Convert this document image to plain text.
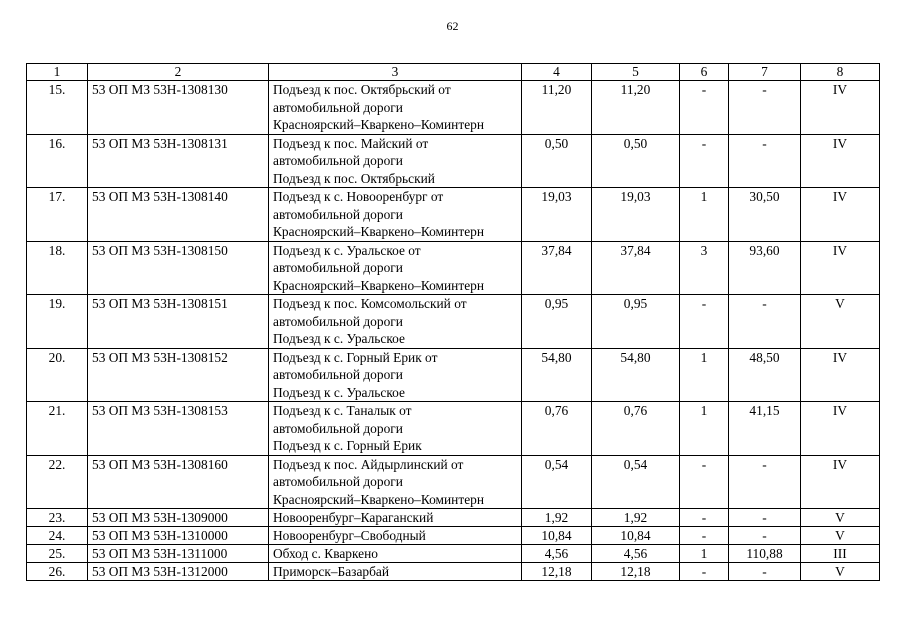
62
1	2	3	4	5	6	7	8
15.	53 ОП МЗ 53Н-1308130	Подъезд к пос. Октябрьский от
автомобильной дороги
Красноярский–Кваркено–Коминтерн	11,20	11,20	-	-	IV
16.	53 ОП МЗ 53Н-1308131	Подъезд к пос. Майский от
автомобильной дороги
Подъезд к пос. Октябрьский	0,50	0,50	-	-	IV
17.	53 ОП МЗ 53Н-1308140	Подъезд к с. Новооренбург от
автомобильной дороги
Красноярский–Кваркено–Коминтерн	19,03	19,03	1	30,50	IV
18.	53 ОП МЗ 53Н-1308150	Подъезд к с. Уральское от
автомобильной дороги
Красноярский–Кваркено–Коминтерн	37,84	37,84	3	93,60	IV
19.	53 ОП МЗ 53Н-1308151	Подъезд к пос. Комсомольский от
автомобильной дороги
Подъезд к с. Уральское	0,95	0,95	-	-	V
20.	53 ОП МЗ 53Н-1308152	Подъезд к с. Горный Ерик от
автомобильной дороги
Подъезд к с. Уральское	54,80	54,80	1	48,50	IV
21.	53 ОП МЗ 53Н-1308153	Подъезд к с. Таналык от
автомобильной дороги
Подъезд к с. Горный Ерик	0,76	0,76	1	41,15	IV
22.	53 ОП МЗ 53Н-1308160	Подъезд к пос. Айдырлинский от
автомобильной дороги
Красноярский–Кваркено–Коминтерн	0,54	0,54	-	-	IV
23.	53 ОП МЗ 53Н-1309000	Новооренбург–Караганский	1,92	1,92	-	-	V
24.	53 ОП МЗ 53Н-1310000	Новооренбург–Свободный	10,84	10,84	-	-	V
25.	53 ОП МЗ 53Н-1311000	Обход с. Кваркено	4,56	4,56	1	110,88	III
26.	53 ОП МЗ 53Н-1312000	Приморск–Базарбай	12,18	12,18	-	-	V
